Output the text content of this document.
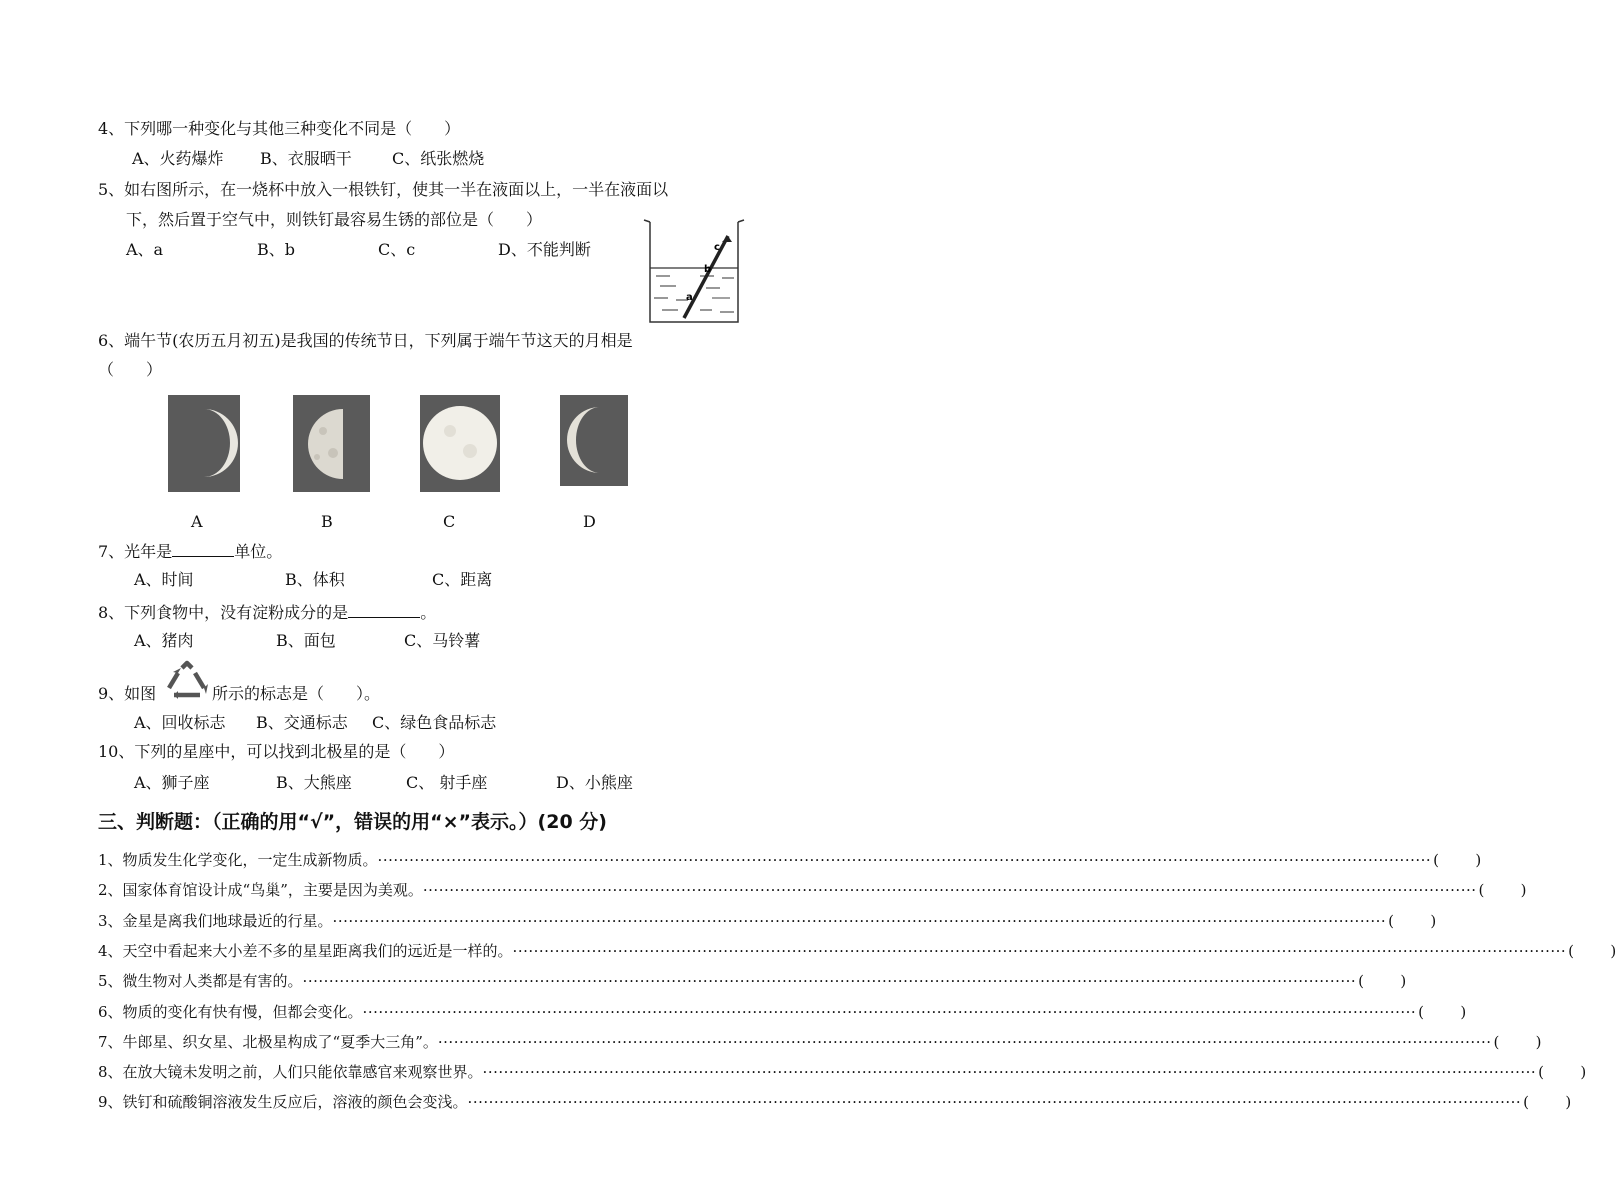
4、下列哪一种变化与其他三种变化不同是（　　）
A、火药爆炸 B、衣服晒干	C、纸张燃烧
5、如右图所示，在一烧杯中放入一根铁钉，使其一半在液面以上，一半在液面以
下，然后置于空气中，则铁钉最容易生锈的部位是（　　）
A、a	B、b	C、c	D、不能判断	c
b
a
6、端午节(农历五月初五)是我国的传统节日，下列属于端午节这天的月相是
（　　）
A	B	C	D
7、光年是	单位。
A、时间	B、体积	C、距离
8、下列食物中，没有淀粉成分的是	。
A、猪肉	B、面包	C、马铃薯
9、如图	所示的标志是（　　）。
A、回收标志 B、交通标志 C、绿色食品标志
10、下列的星座中，可以找到北极星的是（　　）
A、狮子座	B、大熊座	C、 射手座	D、小熊座
三、判断题：（正确的用“√”，错误的用“×”表示。）(20 分)
1、物质发生化学变化，一定生成新物质。 ········································································································································································································ ( )
2、国家体育馆设计成“鸟巢”，主要是因为美观。 ········································································································································································································ ( )
3、金星是离我们地球最近的行星。 ········································································································································································································ ( )
4、天空中看起来大小差不多的星星距离我们的远近是一样的。 ········································································································································································································ ( )
5、微生物对人类都是有害的。 ········································································································································································································ ( )
6、物质的变化有快有慢，但都会变化。 ········································································································································································································ ( )
7、牛郎星、织女星、北极星构成了“夏季大三角”。 ········································································································································································································ ( )
8、在放大镜未发明之前，人们只能依靠感官来观察世界。 ········································································································································································································ ( )
9、铁钉和硫酸铜溶液发生反应后，溶液的颜色会变浅。 ········································································································································································································ ( )
